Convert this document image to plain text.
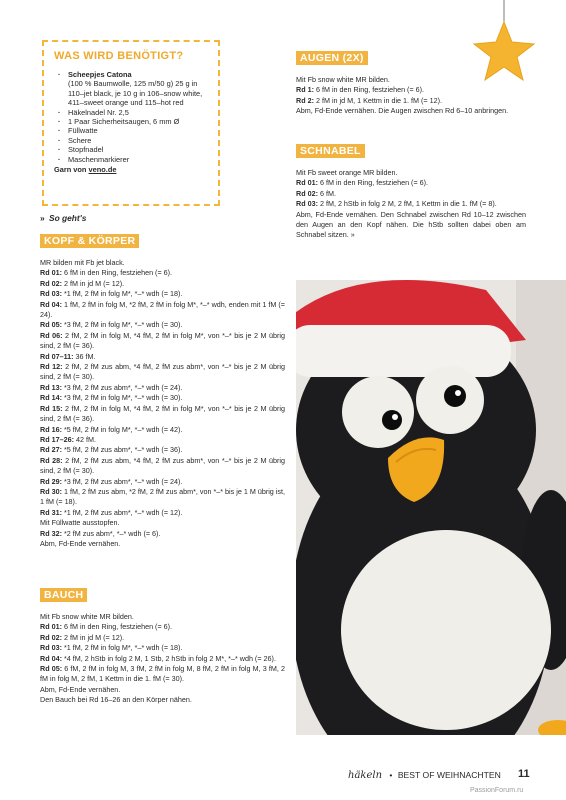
WAS WIRD BENÖTIGT?
· Scheepjes Catona
(100 % Baumwolle, 125 m/50 g) 25 g in 110–jet black, je 10 g in 106–snow white, 411–sweet orange und 115–hot red
· Häkelnadel Nr. 2,5
· 1 Paar Sicherheitsaugen, 6 mm Ø
· Füllwatte
· Schere
· Stopfnadel
· Maschenmarkierer
Garn von veno.de
» So geht's
KOPF & KÖRPER

MR bilden mit Fb jet black.

Rd 01: 6 fM in den Ring, festziehen (= 6).

Rd 02: 2 fM in jd M (= 12).

Rd 03: *1 fM, 2 fM in folg M*, *–* wdh (= 18).

Rd 04: 1 fM, 2 fM in folg M, *2 fM, 2 fM in folg M*, *–* wdh, enden mit 1 fM (= 24).

Rd 05: *3 fM, 2 fM in folg M*, *–* wdh (= 30).

Rd 06: 2 fM, 2 fM in folg M, *4 fM, 2 fM in folg M*, von *–* bis je 2 M übrig sind, 2 fM (= 36).

Rd 07–11: 36 fM.

Rd 12: 2 fM, 2 fM zus abm, *4 fM, 2 fM zus abm*, von *–* bis je 2 M übrig sind, 2 fM (= 30).

Rd 13: *3 fM, 2 fM zus abm*, *–* wdh (= 24).

Rd 14: *3 fM, 2 fM in folg M*, *–* wdh (= 30).

Rd 15: 2 fM, 2 fM in folg M, *4 fM, 2 fM in folg M*, von *–* bis je 2 M übrig sind, 2 fM (= 36).

Rd 16: *5 fM, 2 fM in folg M*, *–* wdh (= 42).

Rd 17–26: 42 fM.

Rd 27: *5 fM, 2 fM zus abm*, *–* wdh (= 36).

Rd 28: 2 fM, 2 fM zus abm, *4 fM, 2 fM zus abm*, von *–* bis je 2 M übrig sind, 2 fM (= 30).

Rd 29: *3 fM, 2 fM zus abm*, *–* wdh (= 24).

Rd 30: 1 fM, 2 fM zus abm, *2 fM, 2 fM zus abm*, von *–* bis je 1 M übrig ist, 1 fM (= 18).

Rd 31: *1 fM, 2 fM zus abm*, *–* wdh (= 12).

Mit Füllwatte ausstopfen.

Rd 32: *2 fM zus abm*, *–* wdh (= 6).

Abm, Fd-Ende vernähen.

BAUCH

Mit Fb snow white MR bilden.

Rd 01: 6 fM in den Ring, festziehen (= 6).

Rd 02: 2 fM in jd M (= 12).

Rd 03: *1 fM, 2 fM in folg M*, *–* wdh (= 18).

Rd 04: *4 fM, 2 hStb in folg 2 M, 1 Stb, 2 hStb in folg 2 M*, *–* wdh (= 26).

Rd 05: 6 fM, 2 fM in folg M, 3 fM, 2 fM in folg M, 8 fM, 2 fM in folg M, 3 fM, 2 fM in folg M, 2 fM, 1 Kettm in die 1. fM (= 30).

Abm, Fd-Ende vernähen.

Den Bauch bei Rd 16–26 an den Körper nähen.

AUGEN (2X)

Mit Fb snow white MR bilden.

Rd 1: 6 fM in den Ring, festziehen (= 6).

Rd 2: 2 fM in jd M, 1 Kettm in die 1. fM (= 12).

Abm, Fd-Ende vernähen. Die Augen zwischen Rd 6–10 anbringen.

SCHNABEL

Mit Fb sweet orange MR bilden.

Rd 01: 6 fM in den Ring, festziehen (= 6).

Rd 02: 6 fM.

Rd 03: 2 fM, 2 hStb in folg 2 M, 2 fM, 1 Kettm in die 1. fM (= 8).

Abm, Fd-Ende vernähen. Den Schnabel zwischen Rd 10–12 zwischen den Augen an den Kopf nähen. Die hStb sollten dabei oben am Schnabel sitzen. »

häkeln • BEST OF WEIHNACHTEN 11
PassionForum.ru
